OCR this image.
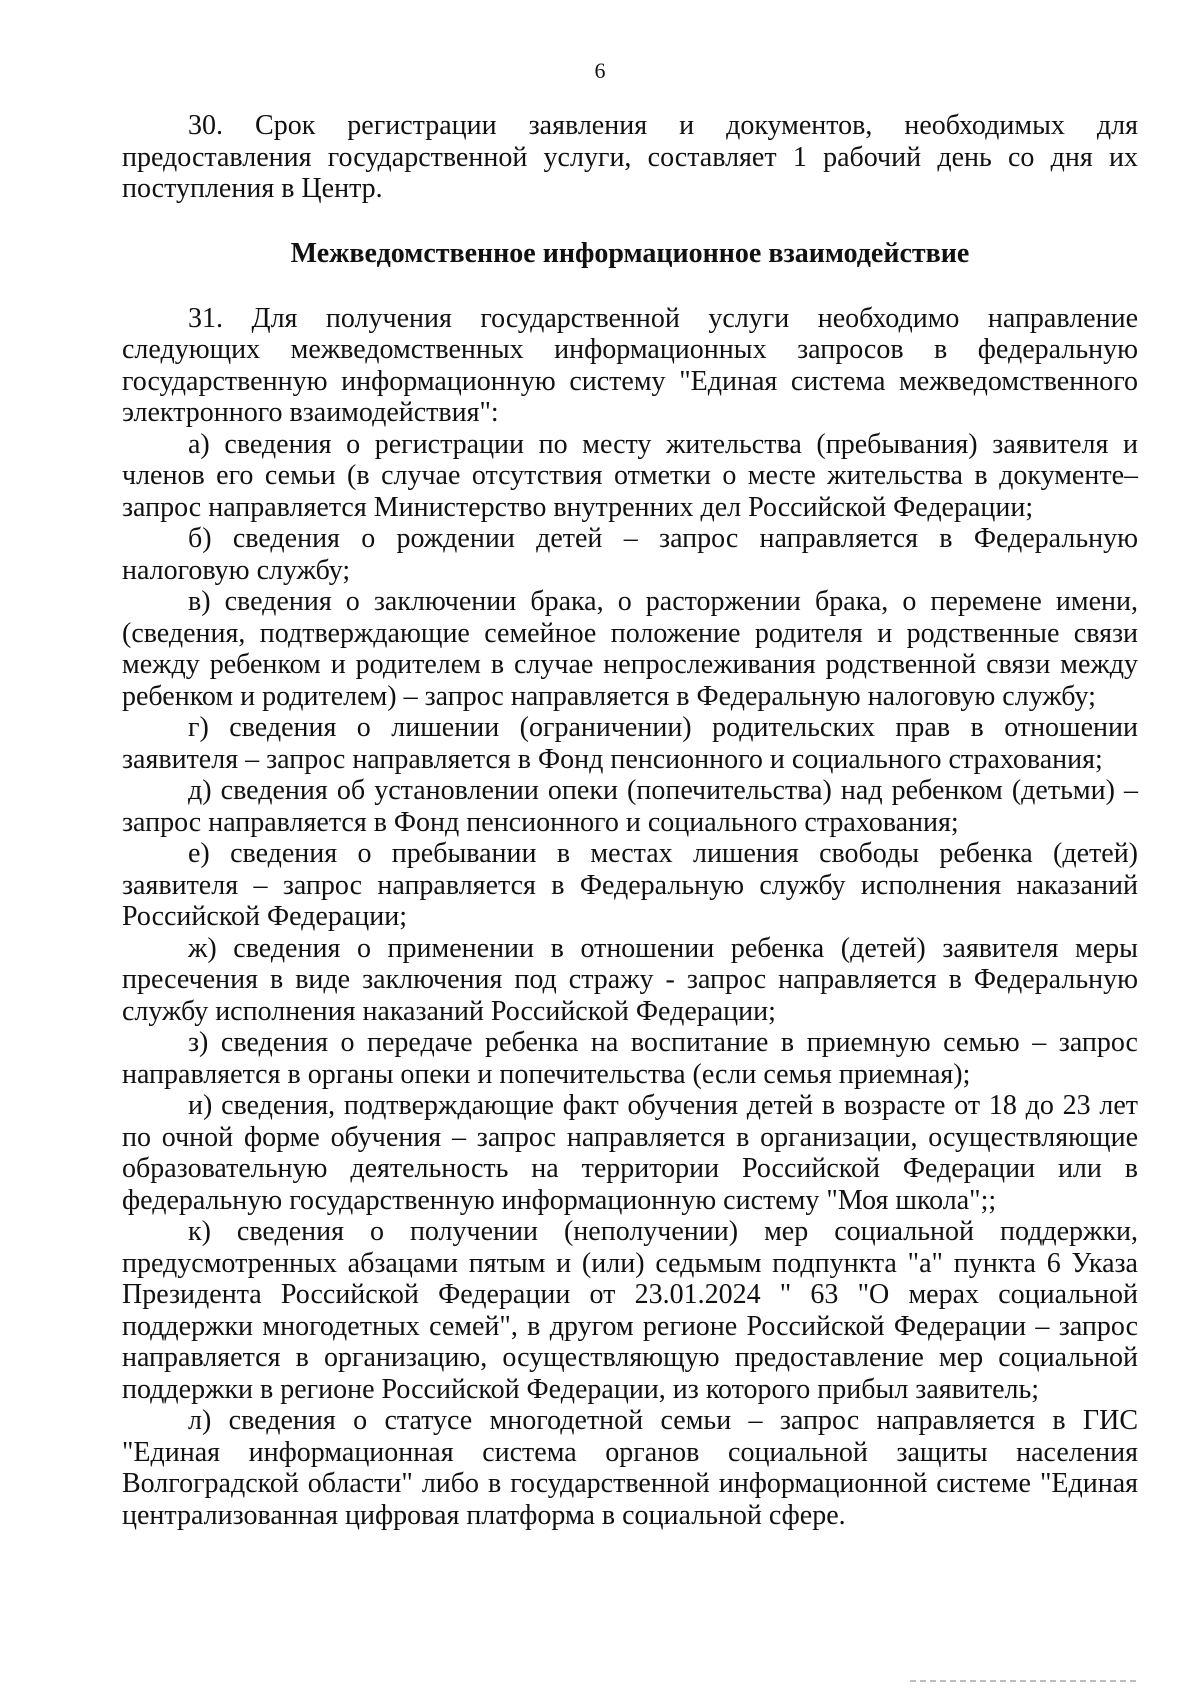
6

30. Срок регистрации заявления и документов, необходимых для предоставления государственной услуги, составляет 1 рабочий день со дня их поступления в Центр.

Межведомственное информационное взаимодействие

31. Для получения государственной услуги необходимо направление следующих межведомственных информационных запросов в федеральную государственную информационную систему "Единая система межведомственного электронного взаимодействия":

а) сведения о регистрации по месту жительства (пребывания) заявителя и членов его семьи (в случае отсутствия отметки о месте жительства в документе– запрос направляется Министерство внутренних дел Российской Федерации;

б) сведения о рождении детей – запрос направляется в Федеральную налоговую службу;

в) сведения о заключении брака, о расторжении брака, о перемене имени, (сведения, подтверждающие семейное положение родителя и родственные связи между ребенком и родителем в случае непрослеживания родственной связи между ребенком и родителем) – запрос направляется в Федеральную налоговую службу;

г) сведения о лишении (ограничении) родительских прав в отношении заявителя – запрос направляется в Фонд пенсионного и социального страхования;

д) сведения об установлении опеки (попечительства) над ребенком (детьми) – запрос направляется в Фонд пенсионного и социального страхования;

е) сведения о пребывании в местах лишения свободы ребенка (детей) заявителя – запрос направляется в Федеральную службу исполнения наказаний Российской Федерации;

ж) сведения о применении в отношении ребенка (детей) заявителя меры пресечения в виде заключения под стражу - запрос направляется в Федеральную службу исполнения наказаний Российской Федерации;

з) сведения о передаче ребенка на воспитание в приемную семью – запрос направляется в органы опеки и попечительства (если семья приемная);

и) сведения, подтверждающие факт обучения детей в возрасте от 18 до 23 лет по очной форме обучения – запрос направляется в организации, осуществляющие образовательную деятельность на территории Российской Федерации или в федеральную государственную информационную систему "Моя школа";;

к) сведения о получении (неполучении) мер социальной поддержки, предусмотренных абзацами пятым и (или) седьмым подпункта "а" пункта 6 Указа Президента Российской Федерации от 23.01.2024 " 63 "О мерах социальной поддержки многодетных семей", в другом регионе Российской Федерации – запрос направляется в организацию, осуществляющую предоставление мер социальной поддержки в регионе Российской Федерации, из которого прибыл заявитель;

л) сведения о статусе многодетной семьи – запрос направляется в ГИС "Единая информационная система органов социальной защиты населения Волгоградской области" либо в государственной информационной системе "Единая централизованная цифровая платформа в социальной сфере.
